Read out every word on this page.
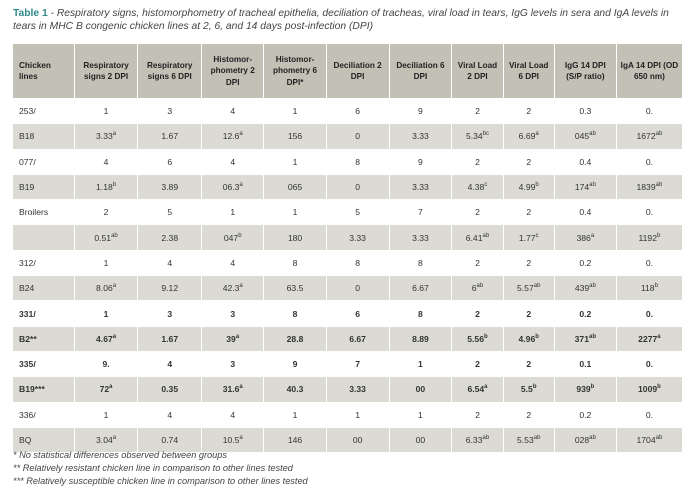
Table 1 - Respiratory signs, histomorphometry of tracheal epithelia, deciliation of tracheas, viral load in tears, IgG levels in sera and IgA levels in tears in MHC B congenic chicken lines at 2, 6, and 14 days post-infection (DPI)
Chicken lines	Respiratory signs 2 DPI	Respiratory signs 6 DPI	Histomor-phometry 2 DPI	Histomor-phometry 6 DPI*	Deciliation 2 DPI	Deciliation 6 DPI	Viral Load 2 DPI	Viral Load 6 DPI	IgG 14 DPI (S/P ratio)	IgA 14 DPI (OD 650 nm)
253/	1	3	4	1	6	9	2	2	0.3	0.
B18	3.33$^a$	1.67	12.6$^a$	156	0	3.33	5.34$^{bc}$	6.69$^a$	$045^{ab}$	$1672^{ab}$
077/	4	6	4	1	8	9	2	2	0.4	0.
B19	1.18$^b$	3.89	06.3$^a$	065	0	3.33	4.38$^c$	4.99$^b$	$174^{ab}$	$1839^{ab}$
Broilers	2	5	1	1	5	7	2	2	0.4	0.
	0.51$^{ab}$	2.38	047$^b$	180	3.33	3.33	6.41$^{ab}$	1.77$^c$	386$^a$	1192$^b$
312/	1	4	4	8	8	8	2	2	0.2	0.
B24	8.06$^a$	9.12	42.3$^a$	63.5	0	6.67	$6^{ab}$	5.57$^{ab}$	$439^{ab}$	118$^b$
331/	1	3	3	8	6	8	2	2	0.2	0.
B2**	4.67$^a$	1.67	39$^a$	28.8	6.67	8.89	5.56$^b$	4.96$^b$	$371^{ab}$	2277$^a$
335/	9.	4	3	9	7	1	2	2	0.1	0.
B19***	72$^a$	0.35	31.6$^a$	40.3	3.33	00	6.54$^a$	5.5$^b$	939$^b$	1009$^b$
336/	1	4	4	1	1	1	2	2	0.2	0.
BQ	3.04$^a$	0.74	10.5$^a$	146	00	00	6.33$^{ab}$	5.53$^{ab}$	$028^{ab}$	$1704^{ab}$
* No statistical differences observed between groups
** Relatively resistant chicken line in comparison to other lines tested
*** Relatively susceptible chicken line in comparison to other lines tested
